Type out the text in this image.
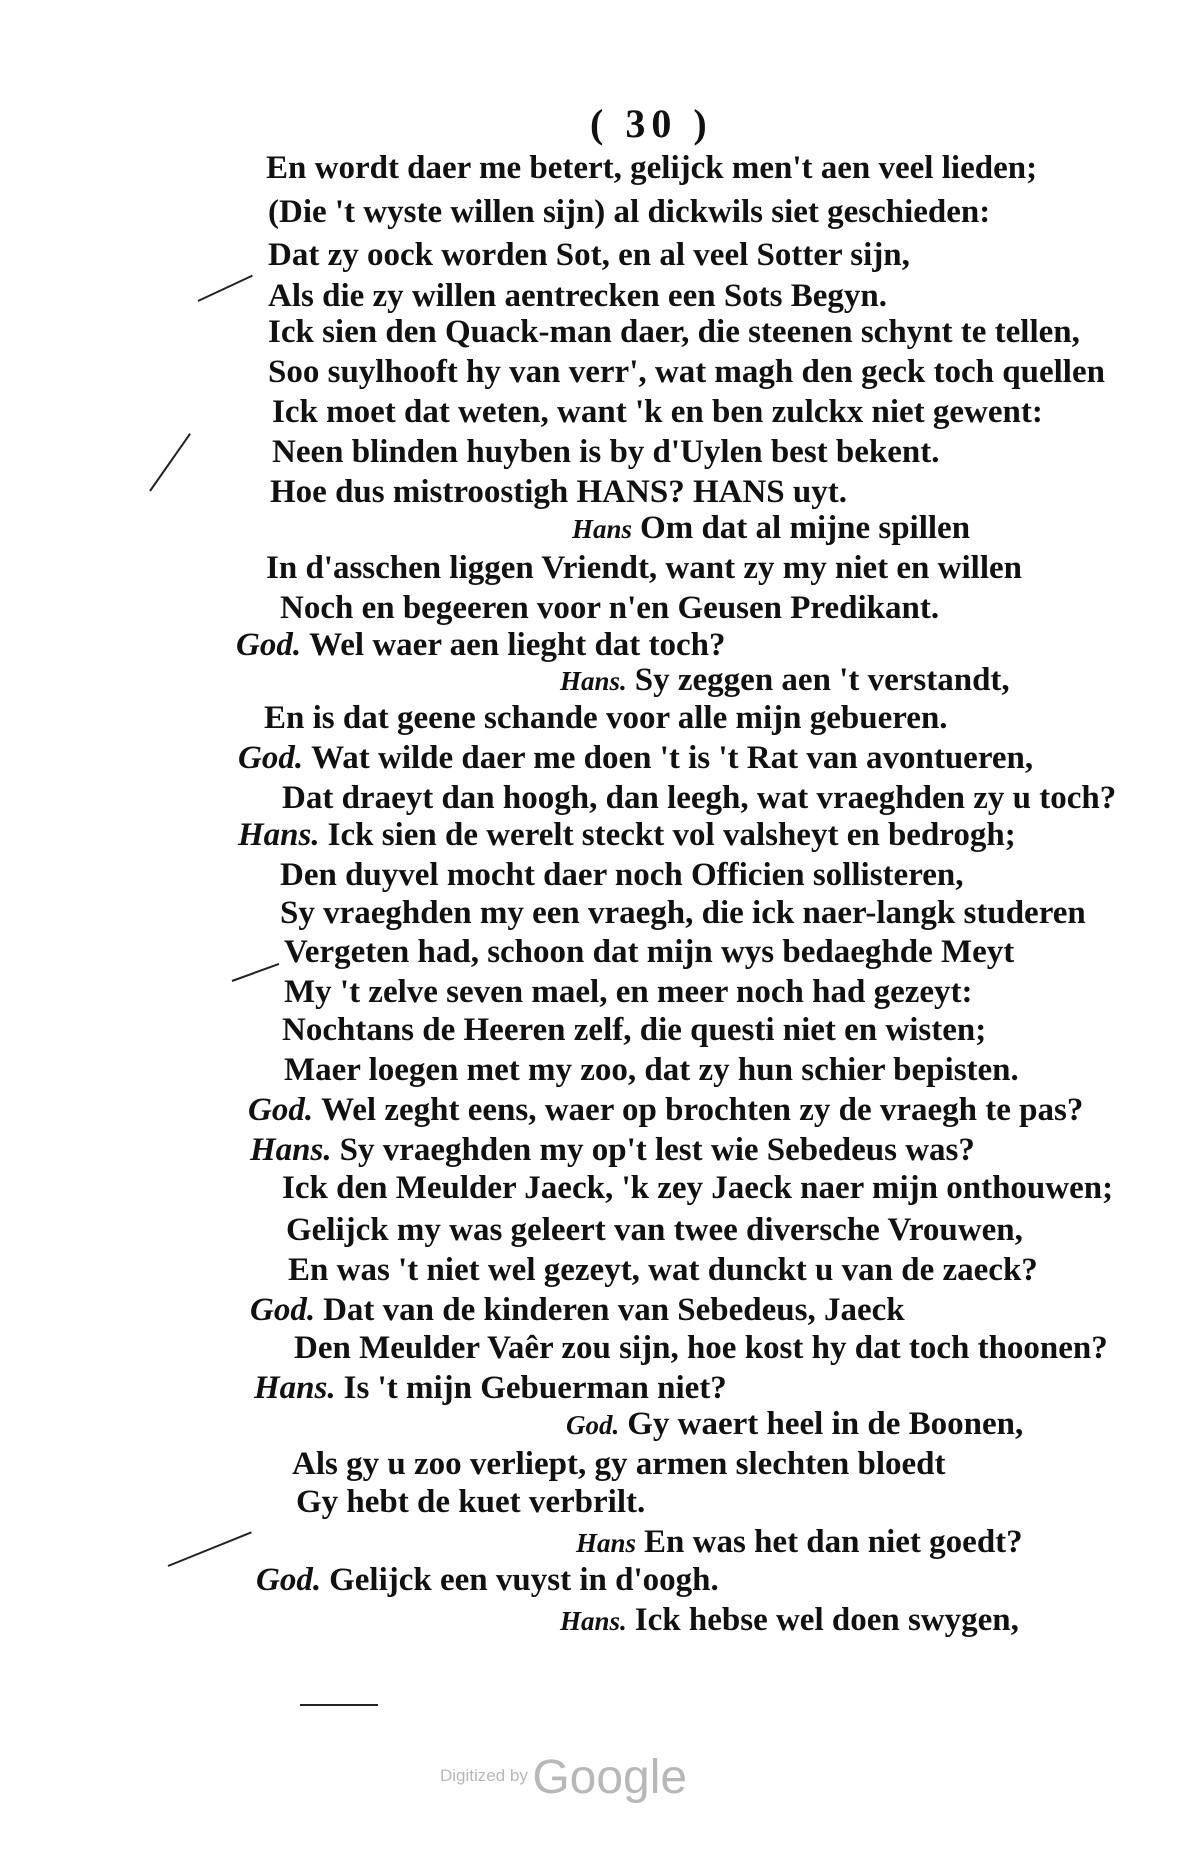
( 30 )
En wordt daer me betert, gelijck men't aen veel lieden;
(Die 't wyste willen sijn) al dickwils siet geschieden:
Dat zy oock worden Sot, en al veel Sotter sijn,
Als die zy willen aentrecken een Sots Begyn.
Ick sien den Quack-man daer, die steenen schynt te tellen,
Soo suylhooft hy van verr', wat magh den geck toch quellen
Ick moet dat weten, want 'k en ben zulckx niet gewent:
Neen blinden huyben is by d'Uylen best bekent.
Hoe dus mistroostigh HANS? HANS uyt.
Hans Om dat al mijne spillen
In d'asschen liggen Vriendt, want zy my niet en willen
Noch en begeeren voor n'en Geusen Predikant.
God. Wel waer aen lieght dat toch?
Hans. Sy zeggen aen 't verstandt,
En is dat geene schande voor alle mijn gebueren.
God. Wat wilde daer me doen 't is 't Rat van avontueren,
Dat draeyt dan hoogh, dan leegh, wat vraeghden zy u toch?
Hans. Ick sien de werelt steckt vol valsheyt en bedrogh;
Den duyvel mocht daer noch Officien sollisteren,
Sy vraeghden my een vraegh, die ick naer-langk studeren
Vergeten had, schoon dat mijn wys bedaeghde Meyt
My 't zelve seven mael, en meer noch had gezeyt:
Nochtans de Heeren zelf, die questi niet en wisten;
Maer loegen met my zoo, dat zy hun schier bepisten.
God. Wel zeght eens, waer op brochten zy de vraegh te pas?
Hans. Sy vraeghden my op't lest wie Sebedeus was?
Ick den Meulder Jaeck, 'k zey Jaeck naer mijn onthouwen;
Gelijck my was geleert van twee diversche Vrouwen,
En was 't niet wel gezeyt, wat dunckt u van de zaeck?
God. Dat van de kinderen van Sebedeus, Jaeck
Den Meulder Vaêr zou sijn, hoe kost hy dat toch thoonen?
Hans. Is 't mijn Gebuerman niet?
God. Gy waert heel in de Boonen,
Als gy u zoo verliept, gy armen slechten bloedt
Gy hebt de kuet verbrilt.
Hans En was het dan niet goedt?
God. Gelijck een vuyst in d'oogh.
Hans. Ick hebse wel doen swygen,
Digitized by Google
